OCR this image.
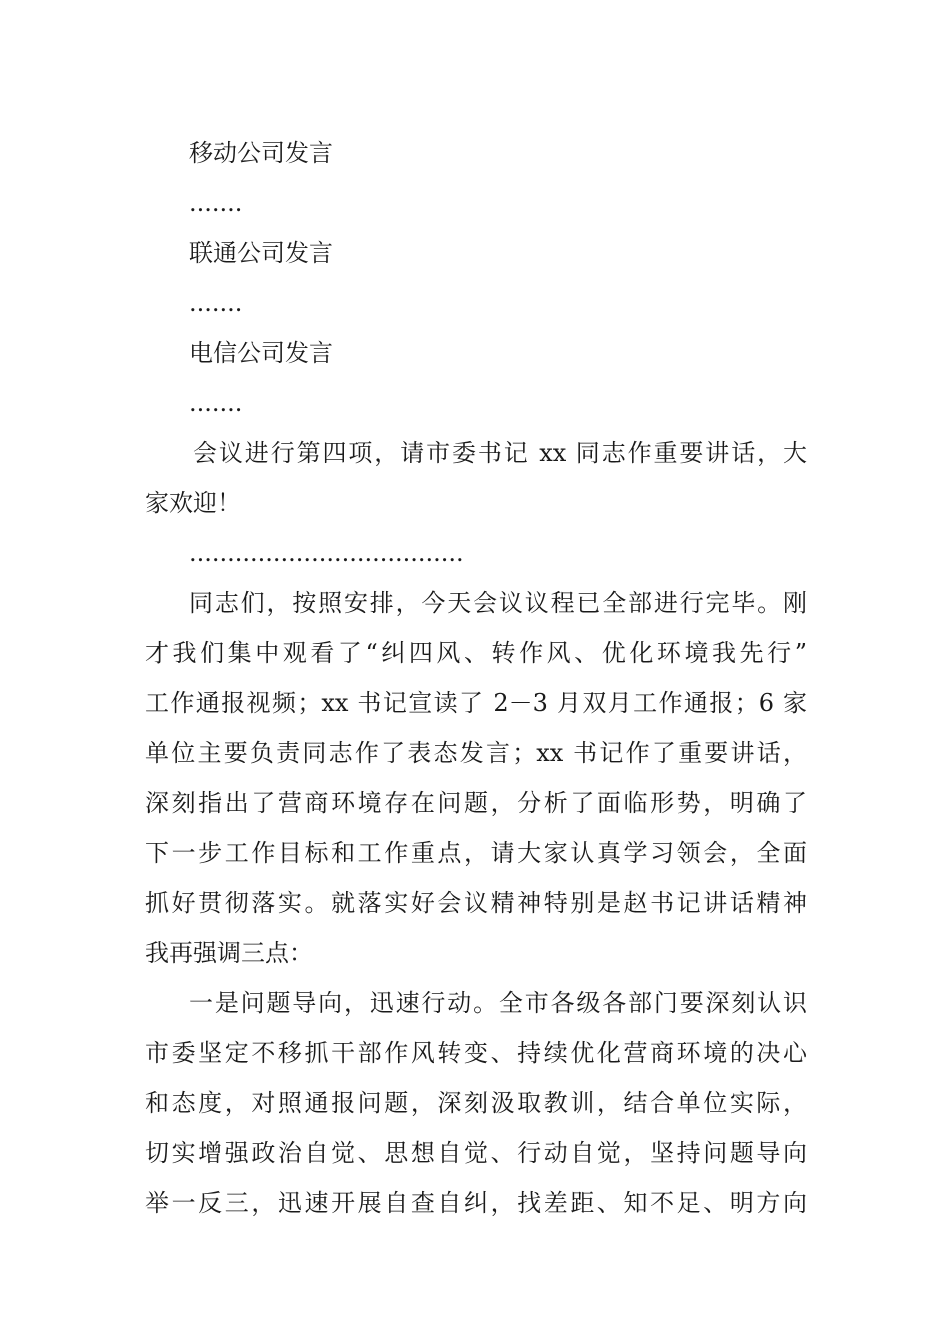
移动公司发言

.......

联通公司发言

.......

电信公司发言

.......

会议进行第四项，请市委书记 xx 同志作重要讲话，大
家欢迎！

....................................

同志们，按照安排，今天会议议程已全部进行完毕。刚
才我们集中观看了“纠四风、转作风、优化环境我先行”
工作通报视频；xx 书记宣读了 2－3 月双月工作通报；6 家
单位主要负责同志作了表态发言；xx 书记作了重要讲话，
深刻指出了营商环境存在问题，分析了面临形势，明确了
下一步工作目标和工作重点，请大家认真学习领会，全面
抓好贯彻落实。就落实好会议精神特别是赵书记讲话精神
我再强调三点：
一是问题导向，迅速行动。全市各级各部门要深刻认识
市委坚定不移抓干部作风转变、持续优化营商环境的决心
和态度，对照通报问题，深刻汲取教训，结合单位实际，
切实增强政治自觉、思想自觉、行动自觉，坚持问题导向
举一反三，迅速开展自查自纠，找差距、知不足、明方向
